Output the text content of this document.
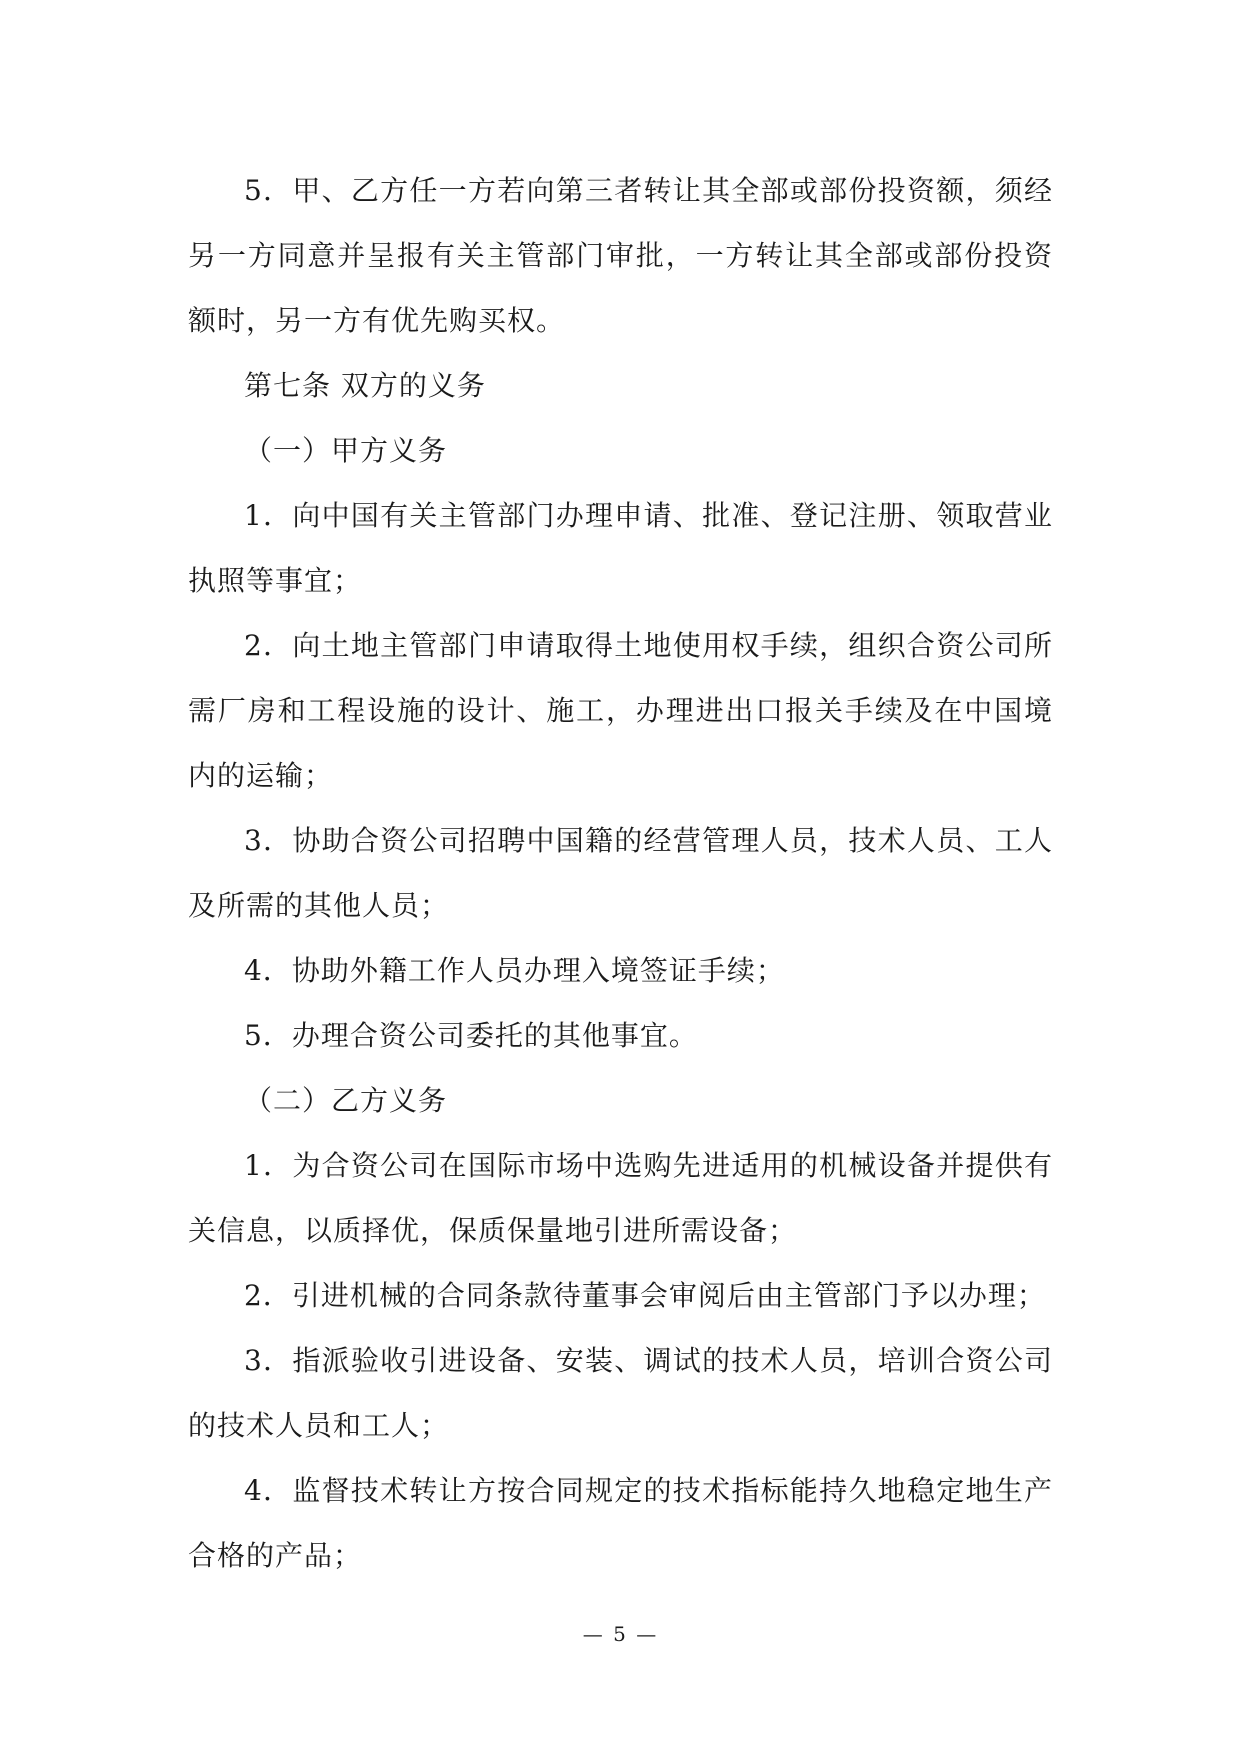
5．甲、乙方任一方若向第三者转让其全部或部份投资额，须经另一方同意并呈报有关主管部门审批，一方转让其全部或部份投资额时，另一方有优先购买权。

第七条 双方的义务

（一）甲方义务

1．向中国有关主管部门办理申请、批准、登记注册、领取营业执照等事宜；

2．向土地主管部门申请取得土地使用权手续，组织合资公司所需厂房和工程设施的设计、施工，办理进出口报关手续及在中国境内的运输；

3．协助合资公司招聘中国籍的经营管理人员，技术人员、工人及所需的其他人员；

4．协助外籍工作人员办理入境签证手续；

5．办理合资公司委托的其他事宜。

（二）乙方义务

1．为合资公司在国际市场中选购先进适用的机械设备并提供有关信息，以质择优，保质保量地引进所需设备；

2．引进机械的合同条款待董事会审阅后由主管部门予以办理；

3．指派验收引进设备、安装、调试的技术人员，培训合资公司的技术人员和工人；

4．监督技术转让方按合同规定的技术指标能持久地稳定地生产合格的产品；

— 5 —
